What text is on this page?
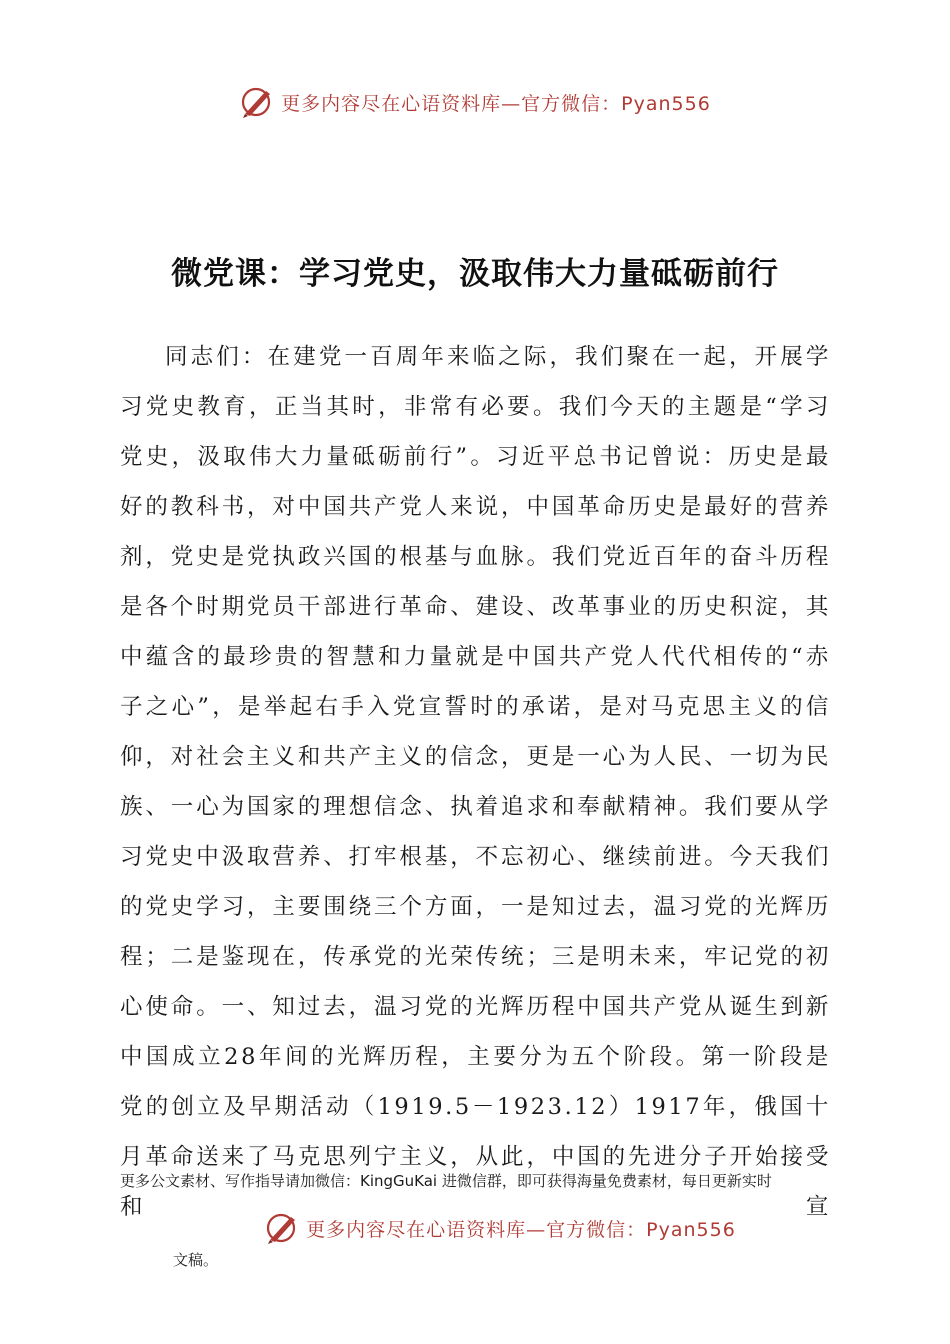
更多内容尽在心语资料库—官方微信：Pyan556
微党课：学习党史，汲取伟大力量砥砺前行

同志们：在建党一百周年来临之际，我们聚在一起，开展学习党史教育，正当其时，非常有必要。我们今天的主题是“学习党史，汲取伟大力量砥砺前行”。习近平总书记曾说：历史是最好的教科书，对中国共产党人来说，中国革命历史是最好的营养剂，党史是党执政兴国的根基与血脉。我们党近百年的奋斗历程是各个时期党员干部进行革命、建设、改革事业的历史积淀，其中蕴含的最珍贵的智慧和力量就是中国共产党人代代相传的“赤子之心”，是举起右手入党宣誓时的承诺，是对马克思主义的信仰，对社会主义和共产主义的信念，更是一心为人民、一切为民族、一心为国家的理想信念、执着追求和奉献精神。我们要从学习党史中汲取营养、打牢根基，不忘初心、继续前进。今天我们的党史学习，主要围绕三个方面，一是知过去，温习党的光辉历程；二是鉴现在，传承党的光荣传统；三是明未来，牢记党的初心使命。一、知过去，温习党的光辉历程中国共产党从诞生到新中国成立28年间的光辉历程，主要分为五个阶段。第一阶段是党的创立及早期活动（1919.5－1923.12）1917年，俄国十月革命送来了马克思列宁主义，从此，中国的先进分子开始接受和宣

更多公文素材、写作指导请加微信：KingGuKai 进微信群，即可获得海量免费素材，每日更新实时

更多内容尽在心语资料库—官方微信：Pyan556

文稿。
